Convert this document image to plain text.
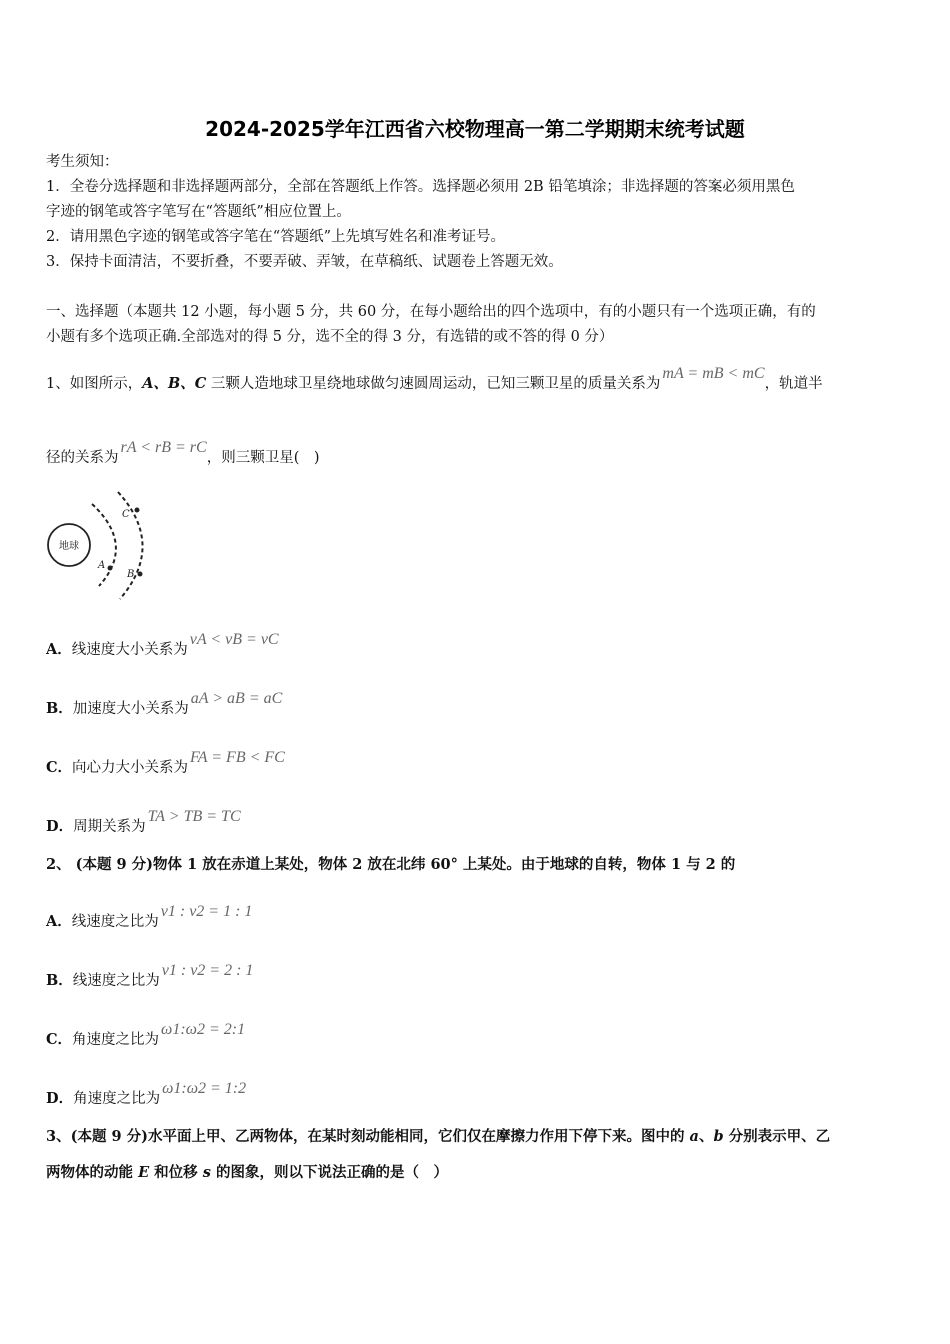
2024-2025学年江西省六校物理高一第二学期期末统考试题
考生须知：
1．全卷分选择题和非选择题两部分，全部在答题纸上作答。选择题必须用 2B 铅笔填涂；非选择题的答案必须用黑色
字迹的钢笔或答字笔写在“答题纸”相应位置上。
2．请用黑色字迹的钢笔或答字笔在“答题纸”上先填写姓名和准考证号。
3．保持卡面清洁，不要折叠，不要弄破、弄皱，在草稿纸、试题卷上答题无效。
一、选择题（本题共 12 小题，每小题 5 分，共 60 分，在每小题给出的四个选项中，有的小题只有一个选项正确，有的
小题有多个选项正确.全部选对的得 5 分，选不全的得 3 分，有选错的或不答的得 0 分）
1、如图所示，A、B、C 三颗人造地球卫星绕地球做匀速圆周运动，已知三颗卫星的质量关系为mA = mB < mC，轨道半
径的关系为rA < rB = rC，则三颗卫星(　)
地球
C
A
B
A．线速度大小关系为vA < vB = vC
B．加速度大小关系为aA > aB = aC
C．向心力大小关系为FA = FB < FC
D．周期关系为TA > TB = TC
2、 (本题 9 分)物体 1 放在赤道上某处，物体 2 放在北纬 60° 上某处。由于地球的自转，物体 1 与 2 的
A．线速度之比为v1 : v2 = 1 : 1
B．线速度之比为v1 : v2 = 2 : 1
C．角速度之比为ω1:ω2 = 2:1
D．角速度之比为ω1:ω2 = 1:2
3、(本题 9 分)水平面上甲、乙两物体，在某时刻动能相同，它们仅在摩擦力作用下停下来。图中的 a、b 分别表示甲、乙
两物体的动能 E 和位移 s 的图象，则以下说法正确的是（　）
